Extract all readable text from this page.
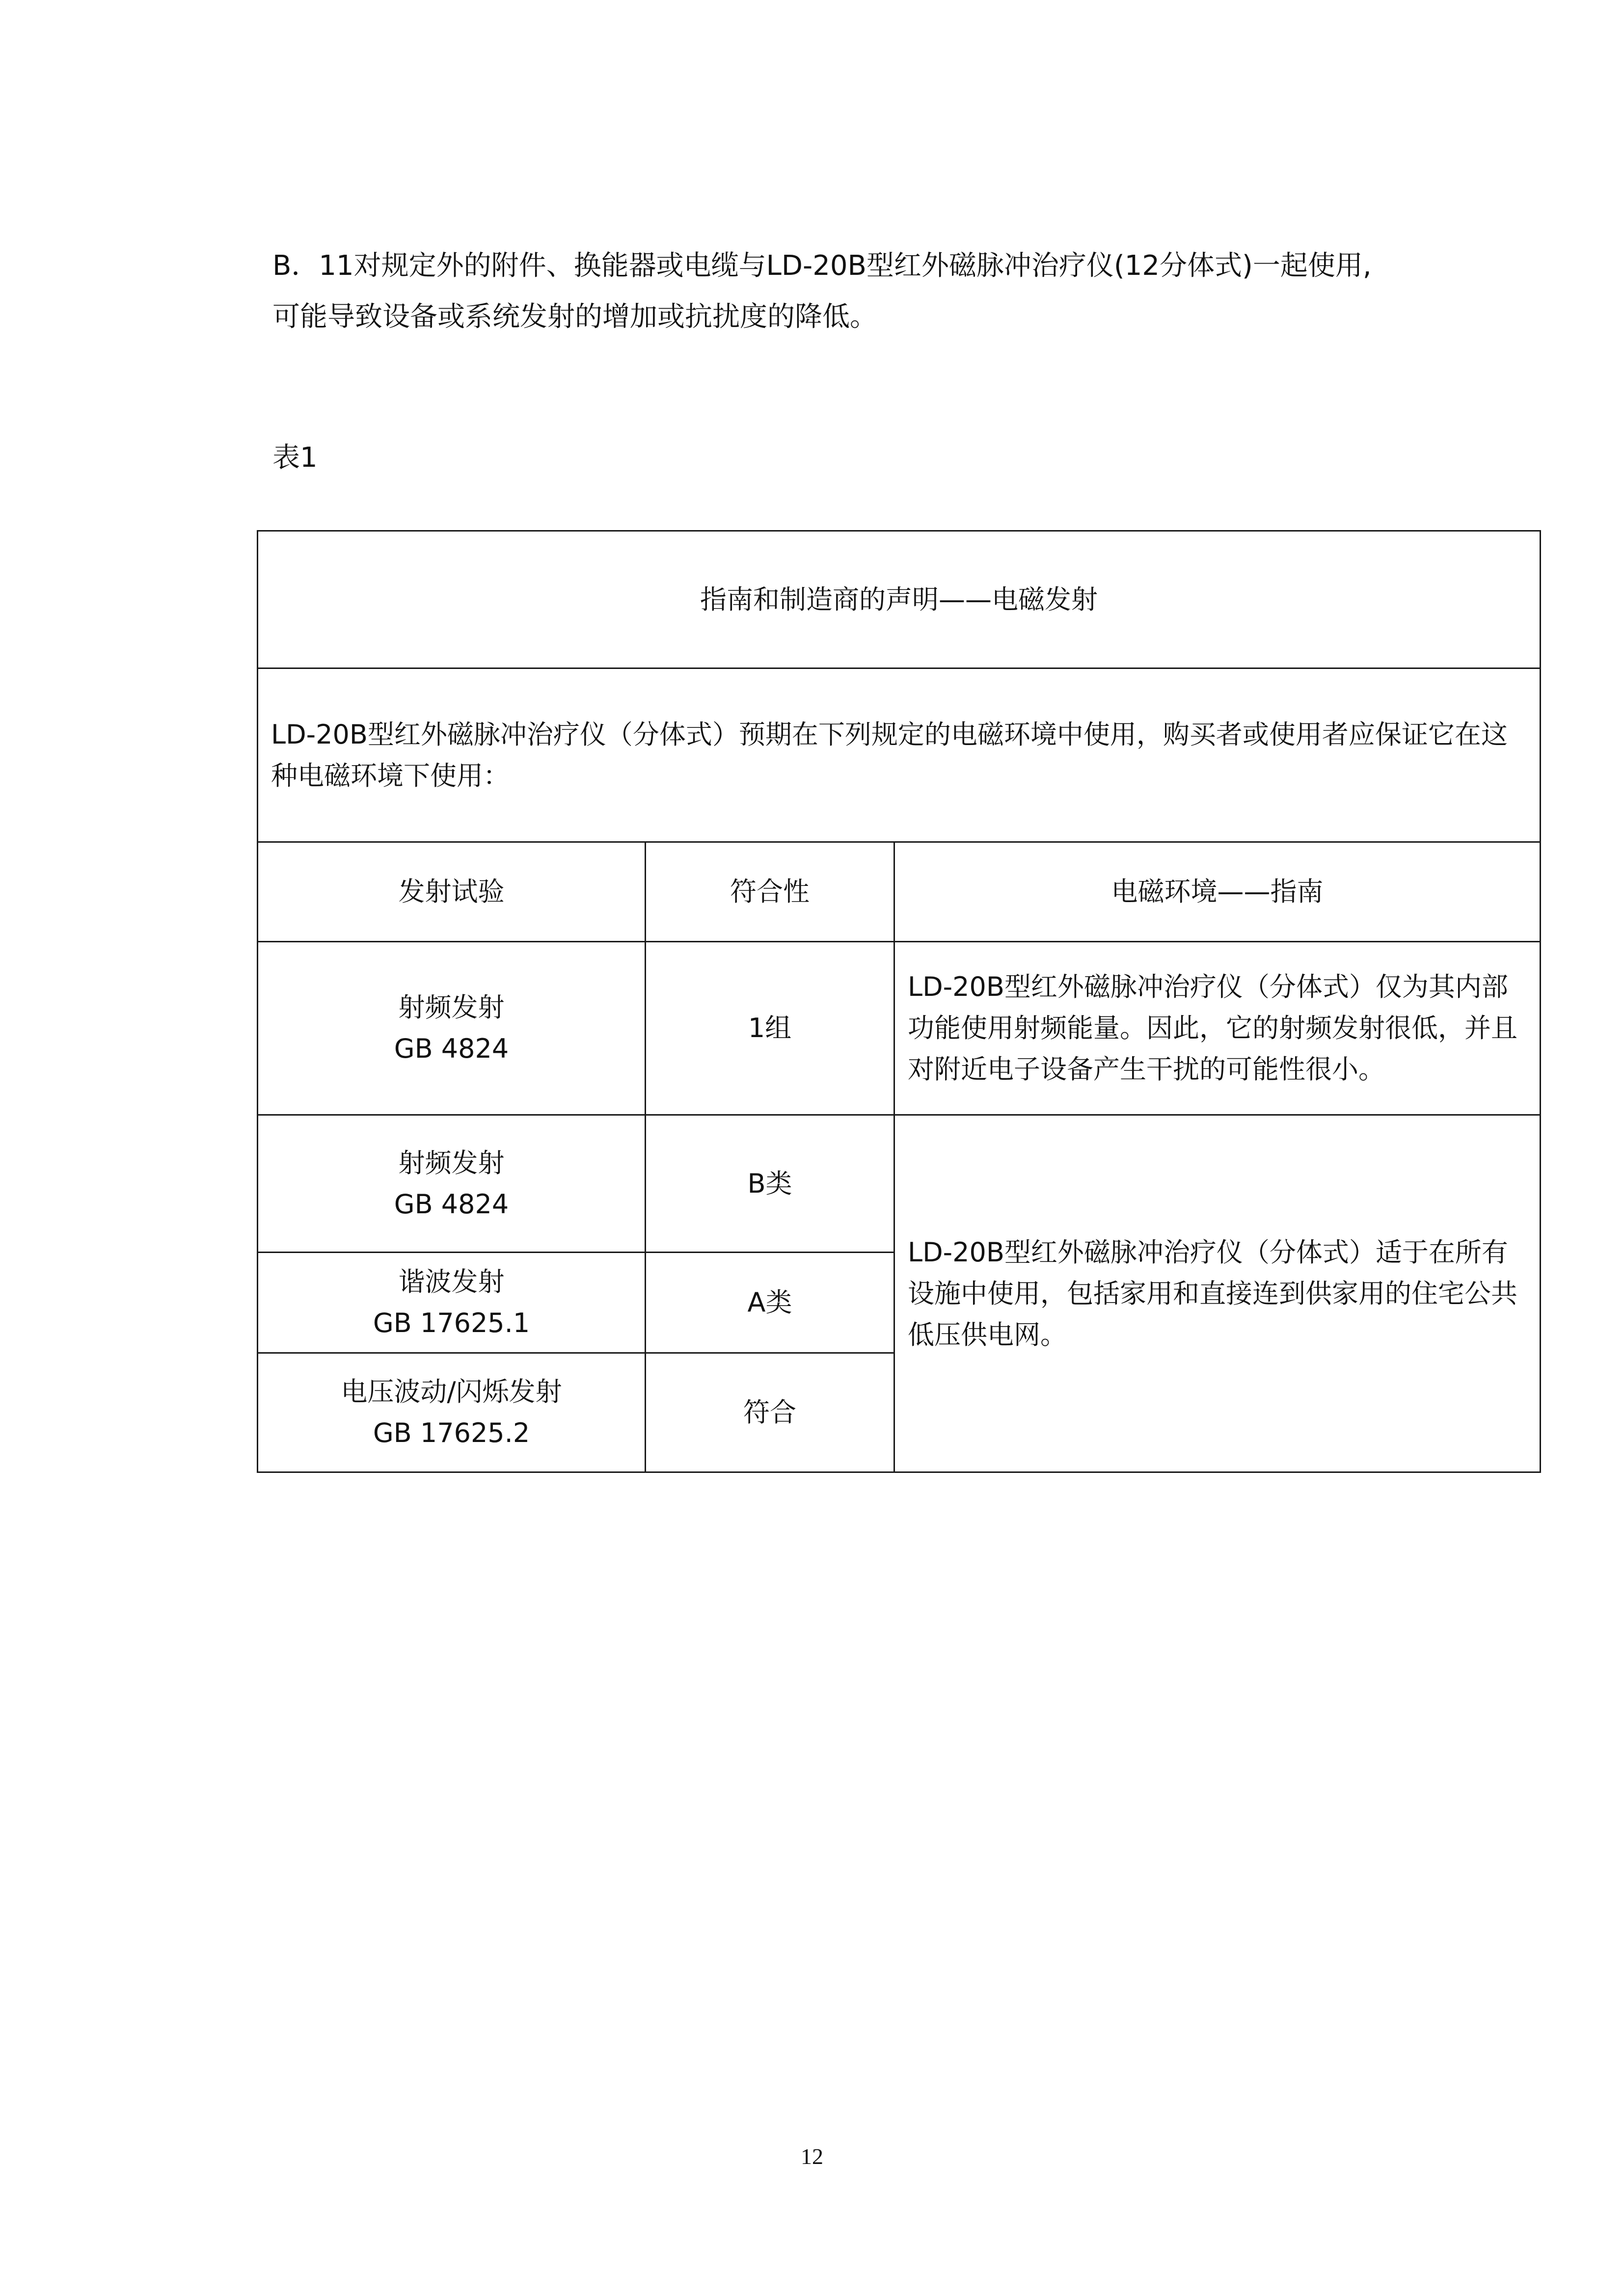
B．11对规定外的附件、换能器或电缆与LD-20B型红外磁脉冲治疗仪(12分体式)一起使用,
可能导致设备或系统发射的增加或抗扰度的降低。
表1
指南和制造商的声明——电磁发射		
LD-20B型红外磁脉冲治疗仪（分体式）预期在下列规定的电磁环境中使用，购买者或使用者应保证它在这种电磁环境下使用：		
发射试验	符合性	电磁环境——指南

射频发射
GB 4824	1组	LD-20B型红外磁脉冲治疗仪（分体式）仅为其内部功能使用射频能量。因此，它的射频发射很低，并且对附近电子设备产生干扰的可能性很小。

射频发射
GB 4824	B类	LD-20B型红外磁脉冲治疗仪（分体式）适于在所有设施中使用，包括家用和直接连到供家用的住宅公共低压供电网。

谐波发射
GB 17625.1	A类	

电压波动/闪烁发射
GB 17625.2	符合	
12
